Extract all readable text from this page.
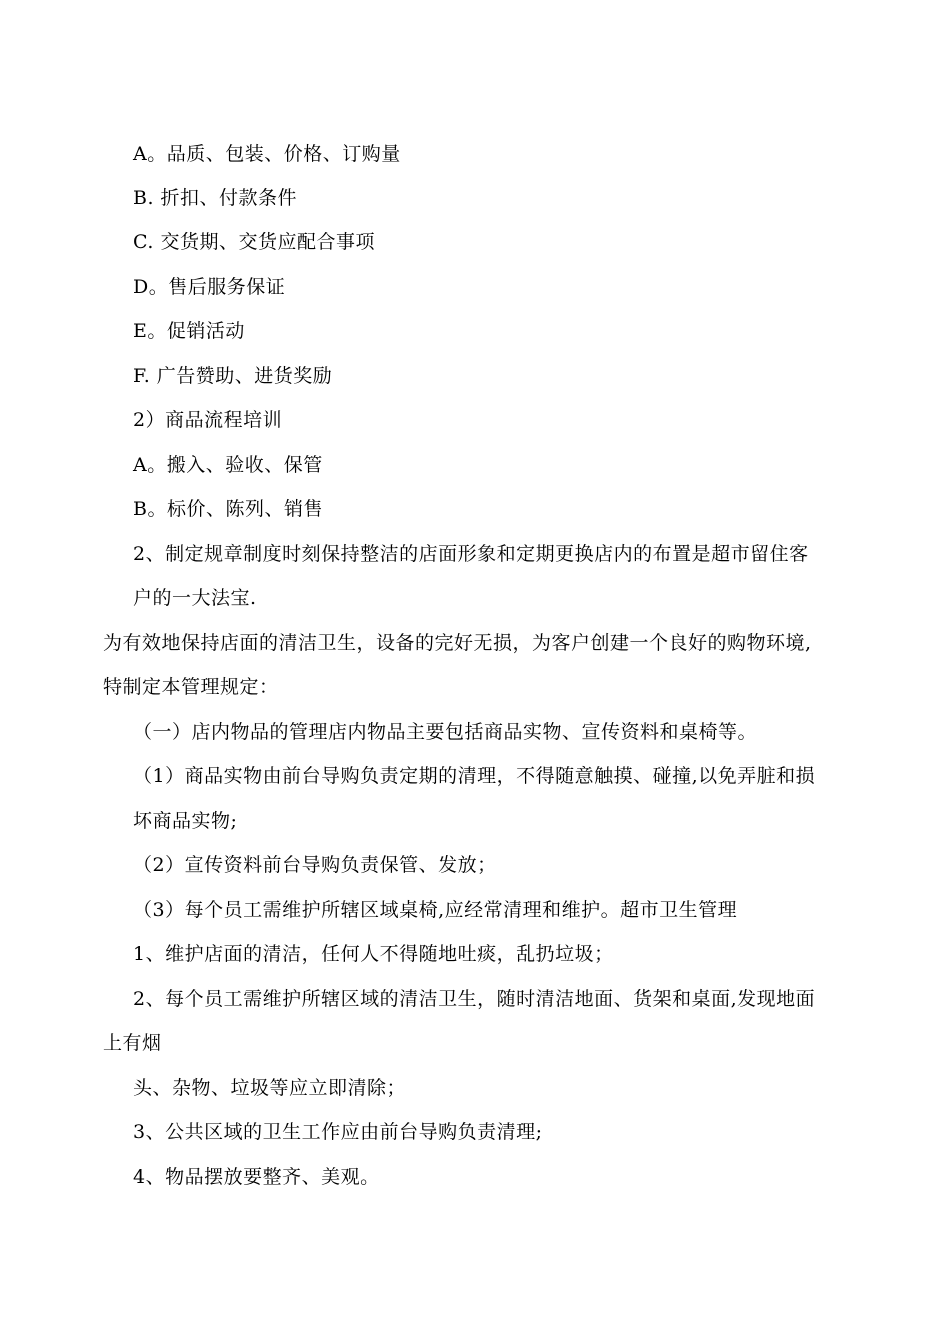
A。品质、包装、价格、订购量
B. 折扣、付款条件
C. 交货期、交货应配合事项
D。售后服务保证
E。促销活动
F. 广告赞助、进货奖励
2）商品流程培训
A。搬入、验收、保管
B。标价、陈列、销售
2、制定规章制度时刻保持整洁的店面形象和定期更换店内的布置是超市留住客
户的一大法宝.
为有效地保持店面的清洁卫生，设备的完好无损，为客户创建一个良好的购物环境,
特制定本管理规定：
（一）店内物品的管理店内物品主要包括商品实物、宣传资料和桌椅等。
（1）商品实物由前台导购负责定期的清理，不得随意触摸、碰撞,以免弄脏和损
坏商品实物;
（2）宣传资料前台导购负责保管、发放；
（3）每个员工需维护所辖区域桌椅,应经常清理和维护。超市卫生管理
1、维护店面的清洁，任何人不得随地吐痰，乱扔垃圾；
2、每个员工需维护所辖区域的清洁卫生，随时清洁地面、货架和桌面,发现地面
上有烟
头、杂物、垃圾等应立即清除；
3、公共区域的卫生工作应由前台导购负责清理;
4、物品摆放要整齐、美观。
